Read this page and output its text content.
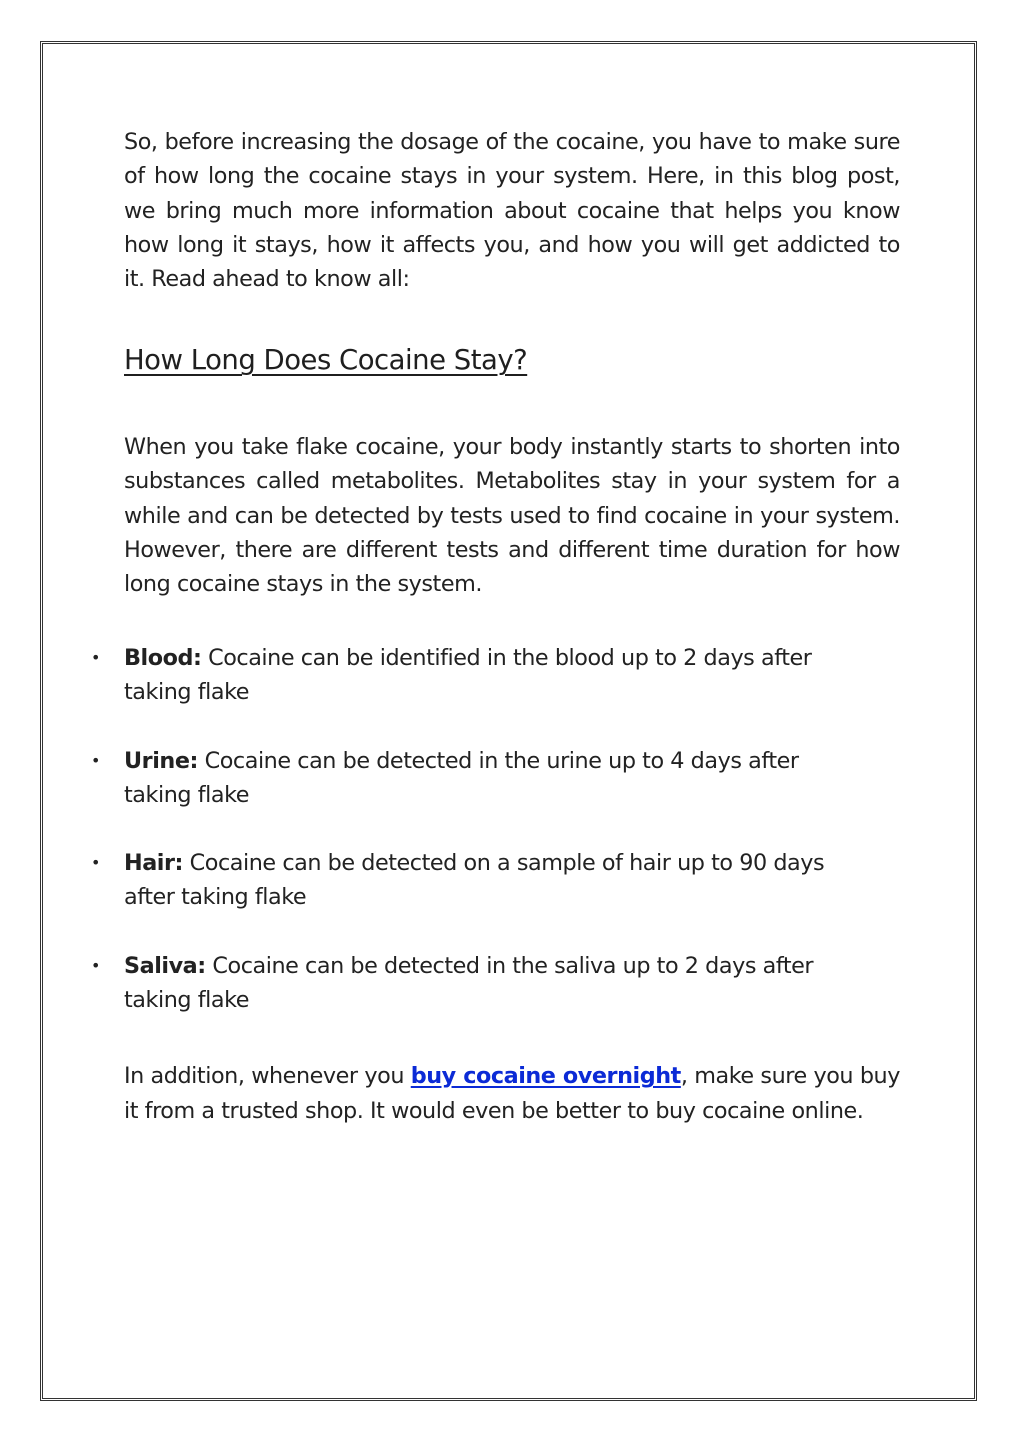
So, before increasing the dosage of the cocaine, you have to make sure of how long the cocaine stays in your system. Here, in this blog post, we bring much more information about cocaine that helps you know how long it stays, how it affects you, and how you will get addicted to it. Read ahead to know all:

How Long Does Cocaine Stay?

When you take flake cocaine, your body instantly starts to shorten into substances called metabolites. Metabolites stay in your system for a while and can be detected by tests used to find cocaine in your system. However, there are different tests and different time duration for how long cocaine stays in the system.

• Blood: Cocaine can be identified in the blood up to 2 days after taking flake
• Urine: Cocaine can be detected in the urine up to 4 days after taking flake
• Hair: Cocaine can be detected on a sample of hair up to 90 days after taking flake
• Saliva: Cocaine can be detected in the saliva up to 2 days after taking flake

In addition, whenever you buy cocaine overnight, make sure you buy it from a trusted shop. It would even be better to buy cocaine online.
